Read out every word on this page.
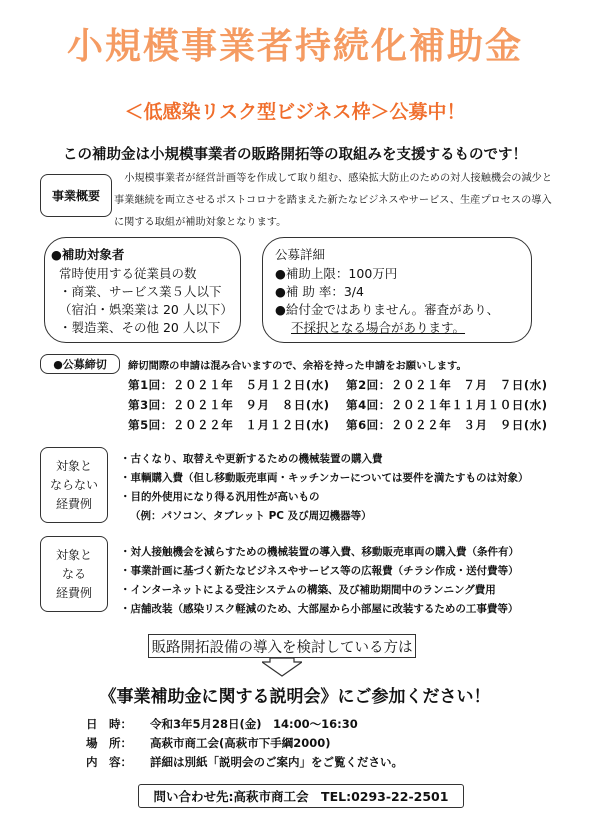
小規模事業者持続化補助金
＜低感染リスク型ビジネス枠＞公募中！
この補助金は小規模事業者の販路開拓等の取組みを支援するものです！
事業概要
小規模事業者が経営計画等を作成して取り組む、感染拡大防止のための対人接触機会の減少と事業継続を両立させるポストコロナを踏まえた新たなビジネスやサービス、生産プロセスの導入に関する取組が補助対象となります。
●補助対象者
常時使用する従業員の数
・商業、サービス業５人以下
（宿泊・娯楽業は 20 人以下）
・製造業、その他 20 人以下
公募詳細
●補助上限：100万円
●補 助 率：3/4
●給付金ではありません。審査があり、
不採択となる場合があります。
●公募締切	締切間際の申請は混み合いますので、余裕を持った申請をお願いします。
第1回：２０２１年　５月１２日(水) 第2回：２０２１年　７月　７日(水)
第3回：２０２１年　９月　８日(水) 第4回：２０２１年１１月１０日(水)
第5回：２０２２年　１月１２日(水) 第6回：２０２２年　３月　９日(水)
対象と
ならない
経費例
・古くなり、取替えや更新するための機械装置の購入費
・車輌購入費（但し移動販売車両・キッチンカーについては要件を満たすものは対象）
・目的外使用になり得る汎用性が高いもの
（例：パソコン、タブレット PC 及び周辺機器等）
対象と
なる
経費例
・対人接触機会を減らすための機械装置の導入費、移動販売車両の購入費（条件有）
・事業計画に基づく新たなビジネスやサービス等の広報費（チラシ作成・送付費等）
・インターネットによる受注システムの構築、及び補助期間中のランニング費用
・店舗改装（感染リスク軽減のため、大部屋から小部屋に改装するための工事費等）
販路開拓設備の導入を検討している方は
《事業補助金に関する説明会》にご参加ください！
日　時： 令和3年5月28日(金)　14:00～16:30
場　所： 高萩市商工会(高萩市下手綱2000)
内　容： 詳細は別紙「説明会のご案内」をご覧ください。
問い合わせ先:高萩市商工会　TEL:0293-22-2501
